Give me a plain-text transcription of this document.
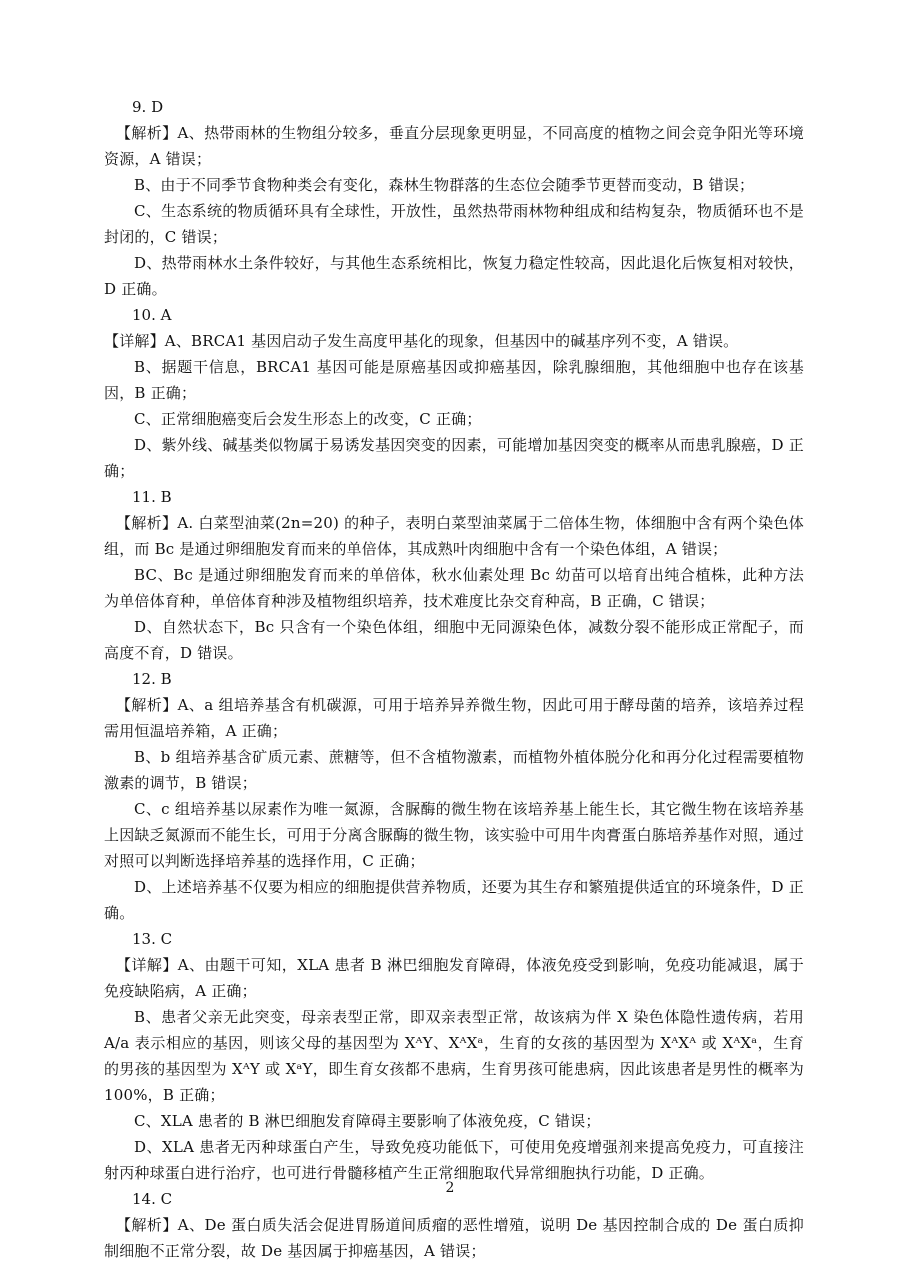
9. D

【解析】A、热带雨林的生物组分较多，垂直分层现象更明显，不同高度的植物之间会竞争阳光等环境资源，A 错误；

B、由于不同季节食物种类会有变化，森林生物群落的生态位会随季节更替而变动，B 错误；

C、生态系统的物质循环具有全球性，开放性，虽然热带雨林物种组成和结构复杂，物质循环也不是封闭的，C 错误；

D、热带雨林水土条件较好，与其他生态系统相比，恢复力稳定性较高，因此退化后恢复相对较快，D 正确。

10. A

【详解】A、BRCA1 基因启动子发生高度甲基化的现象，但基因中的碱基序列不变，A 错误。

B、据题干信息，BRCA1 基因可能是原癌基因或抑癌基因，除乳腺细胞，其他细胞中也存在该基因，B 正确；

C、正常细胞癌变后会发生形态上的改变，C 正确；

D、紫外线、碱基类似物属于易诱发基因突变的因素，可能增加基因突变的概率从而患乳腺癌，D 正确；

11. B

【解析】A. 白菜型油菜(2n=20) 的种子，表明白菜型油菜属于二倍体生物，体细胞中含有两个染色体组，而 Bc 是通过卵细胞发育而来的单倍体，其成熟叶肉细胞中含有一个染色体组，A 错误；

BC、Bc 是通过卵细胞发育而来的单倍体，秋水仙素处理 Bc 幼苗可以培育出纯合植株，此种方法为单倍体育种，单倍体育种涉及植物组织培养，技术难度比杂交育种高，B 正确，C 错误；

D、自然状态下，Bc 只含有一个染色体组，细胞中无同源染色体，减数分裂不能形成正常配子，而高度不育，D 错误。

12. B

【解析】A、a 组培养基含有机碳源，可用于培养异养微生物，因此可用于酵母菌的培养，该培养过程需用恒温培养箱，A 正确；

B、b 组培养基含矿质元素、蔗糖等，但不含植物激素，而植物外植体脱分化和再分化过程需要植物激素的调节，B 错误；

C、c 组培养基以尿素作为唯一氮源，含脲酶的微生物在该培养基上能生长，其它微生物在该培养基上因缺乏氮源而不能生长，可用于分离含脲酶的微生物，该实验中可用牛肉膏蛋白胨培养基作对照，通过对照可以判断选择培养基的选择作用，C 正确；

D、上述培养基不仅要为相应的细胞提供营养物质，还要为其生存和繁殖提供适宜的环境条件，D 正确。

13. C

【详解】A、由题干可知，XLA 患者 B 淋巴细胞发育障碍，体液免疫受到影响，免疫功能减退，属于免疫缺陷病，A 正确；

B、患者父亲无此突变，母亲表型正常，即双亲表型正常，故该病为伴 X 染色体隐性遗传病，若用 A/a 表示相应的基因，则该父母的基因型为 XᴬY、XᴬXᵃ，生育的女孩的基因型为 XᴬXᴬ 或 XᴬXᵃ，生育的男孩的基因型为 XᴬY 或 XᵃY，即生育女孩都不患病，生育男孩可能患病，因此该患者是男性的概率为 100%，B 正确；

C、XLA 患者的 B 淋巴细胞发育障碍主要影响了体液免疫，C 错误；

D、XLA 患者无丙种球蛋白产生，导致免疫功能低下，可使用免疫增强剂来提高免疫力，可直接注射丙种球蛋白进行治疗，也可进行骨髓移植产生正常细胞取代异常细胞执行功能，D 正确。

14. C

【解析】A、De 蛋白质失活会促进胃肠道间质瘤的恶性增殖，说明 De 基因控制合成的 De 蛋白质抑制细胞不正常分裂，故 De 基因属于抑癌基因，A 错误；

2
